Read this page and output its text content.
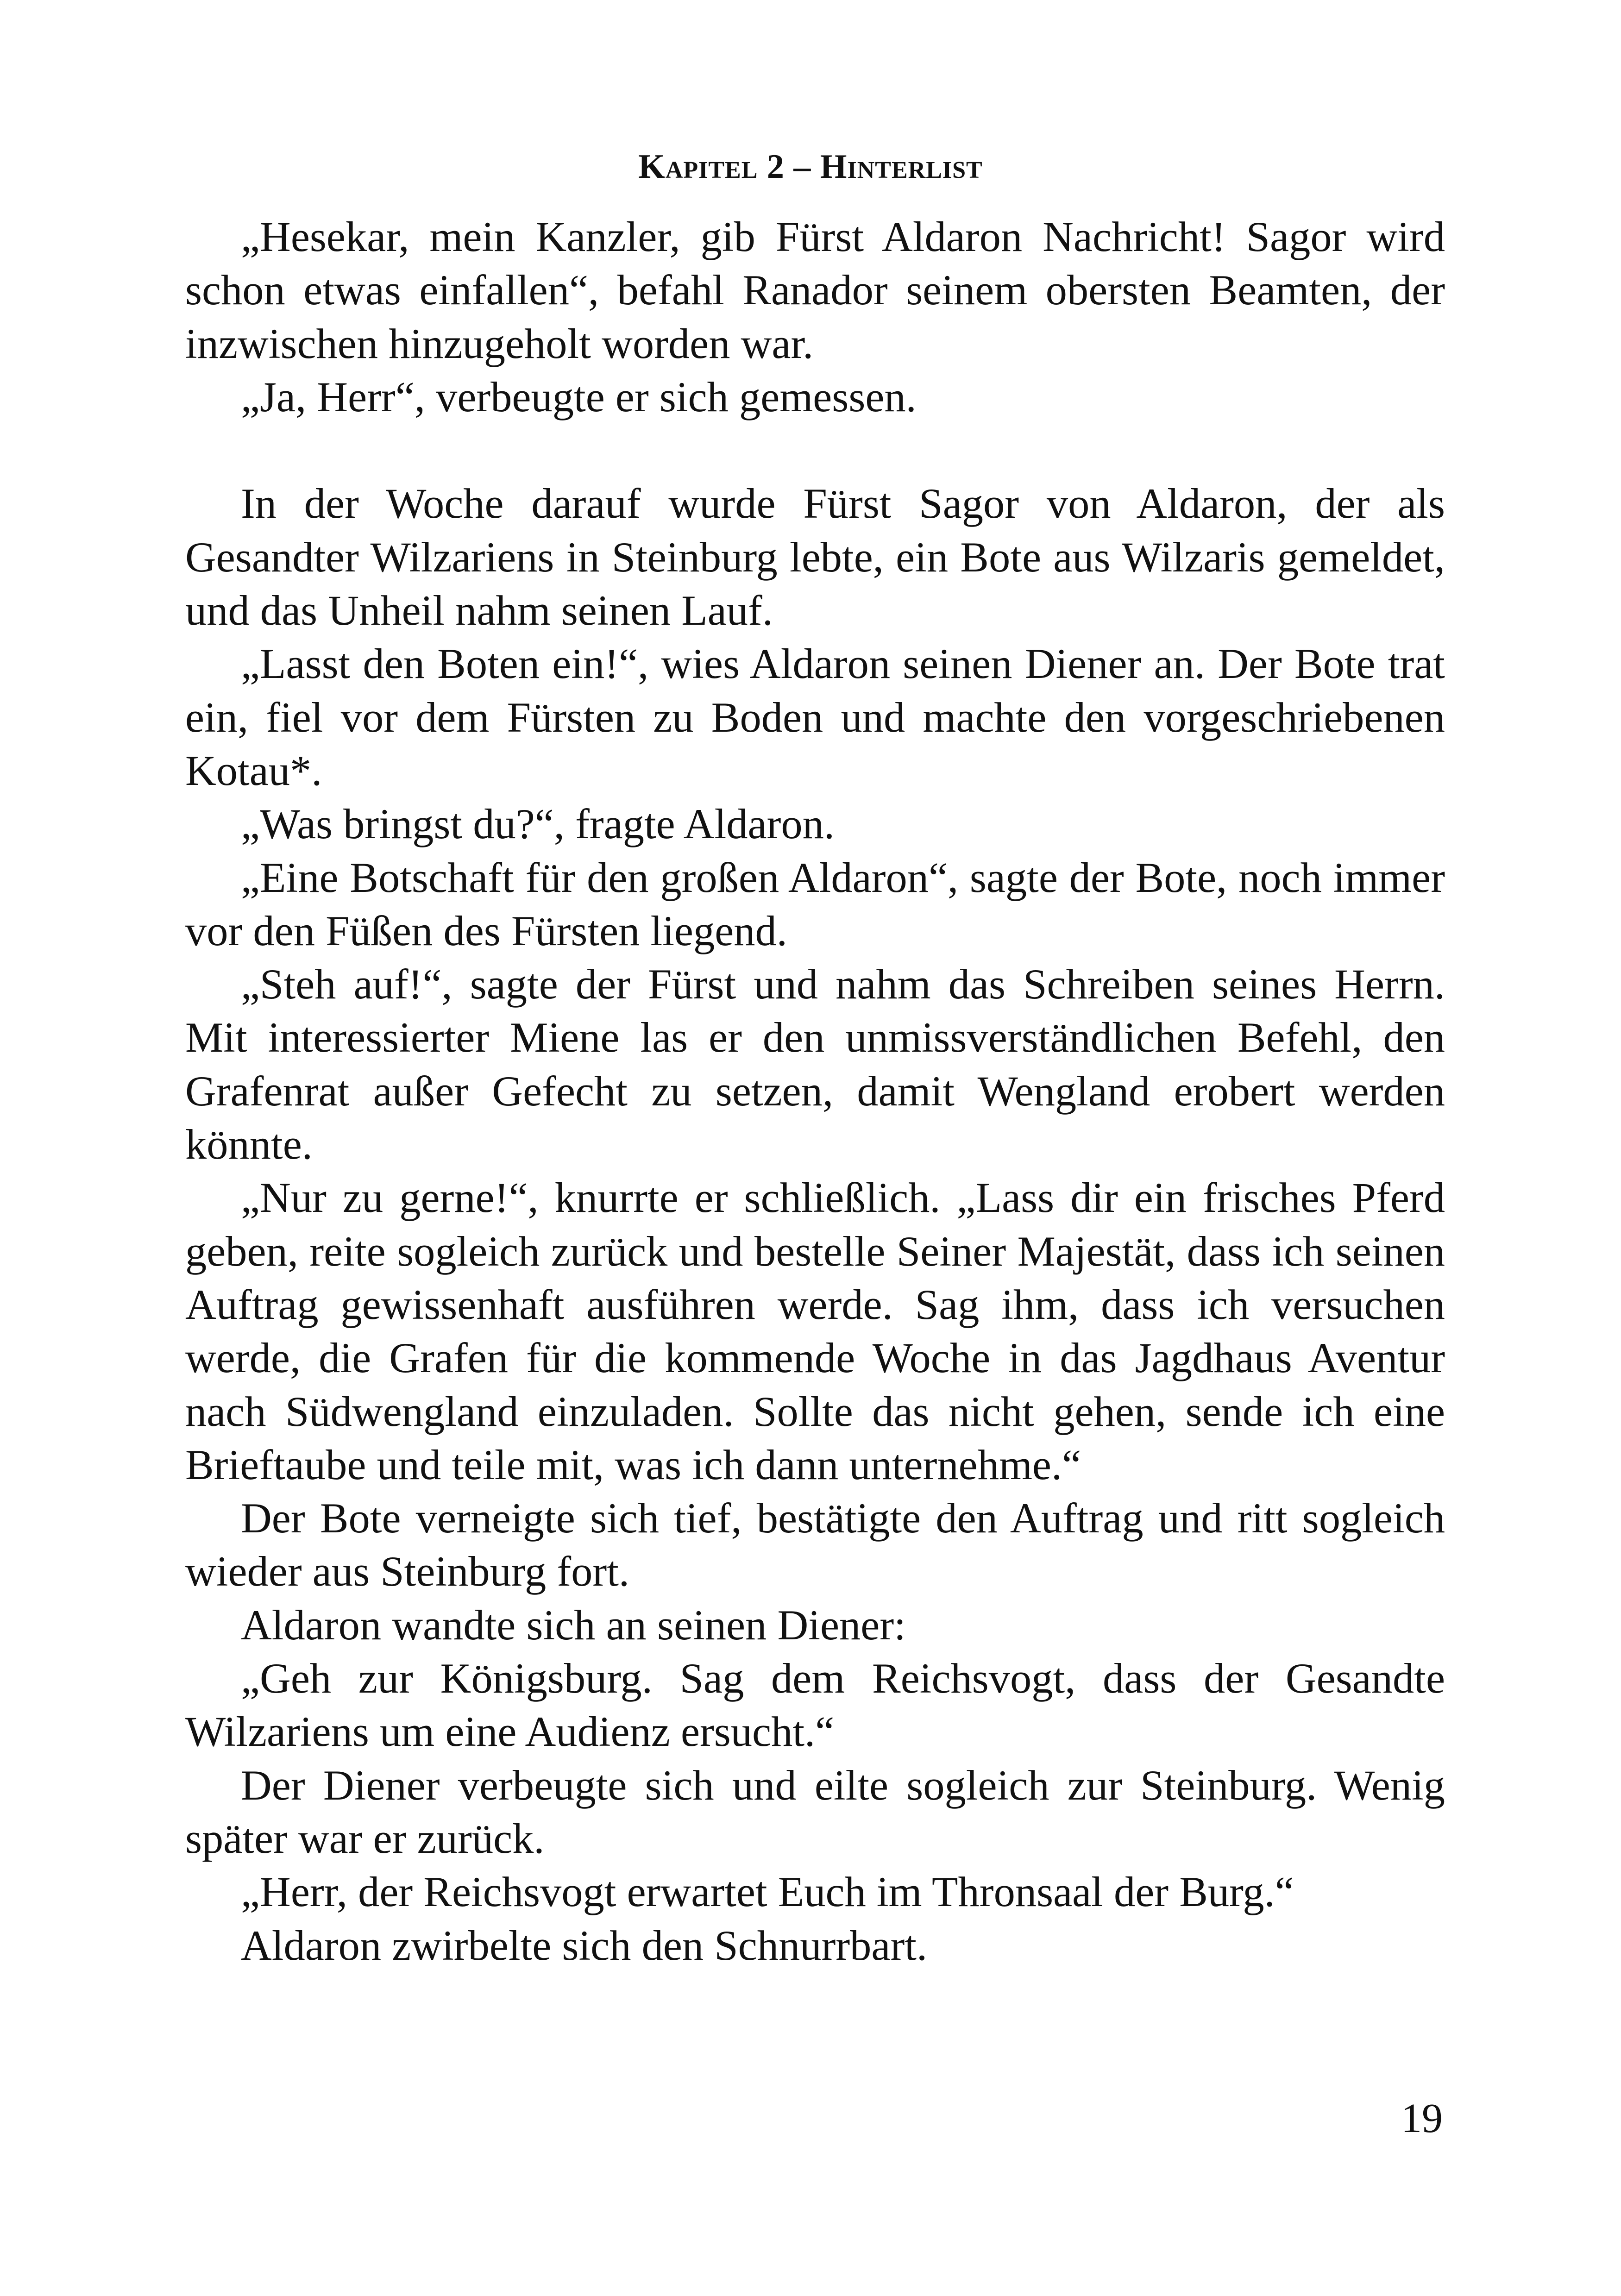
Kapitel 2 – Hinterlist

„Hesekar, mein Kanzler, gib Fürst Aldaron Nachricht! Sagor wird schon etwas einfallen“, befahl Ranador seinem obersten Beamten, der inzwischen hinzugeholt worden war.

„Ja, Herr“, verbeugte er sich gemessen.

In der Woche darauf wurde Fürst Sagor von Aldaron, der als Gesandter Wilzariens in Steinburg lebte, ein Bote aus Wilzaris gemeldet, und das Unheil nahm seinen Lauf.

„Lasst den Boten ein!“, wies Aldaron seinen Diener an. Der Bote trat ein, fiel vor dem Fürsten zu Boden und machte den vorgeschriebenen Kotau*.

„Was bringst du?“, fragte Aldaron.

„Eine Botschaft für den großen Aldaron“, sagte der Bote, noch immer vor den Füßen des Fürsten liegend.

„Steh auf!“, sagte der Fürst und nahm das Schreiben seines Herrn. Mit interessierter Miene las er den unmissverständlichen Befehl, den Grafenrat außer Gefecht zu setzen, damit Wengland erobert werden könnte.

„Nur zu gerne!“, knurrte er schließlich. „Lass dir ein frisches Pferd geben, reite sogleich zurück und bestelle Seiner Majestät, dass ich seinen Auftrag gewissenhaft ausführen werde. Sag ihm, dass ich versuchen werde, die Grafen für die kommende Woche in das Jagdhaus Aventur nach Südwengland einzuladen. Sollte das nicht gehen, sende ich eine Brieftaube und teile mit, was ich dann unternehme.“

Der Bote verneigte sich tief, bestätigte den Auftrag und ritt sogleich wieder aus Steinburg fort.

Aldaron wandte sich an seinen Diener:

„Geh zur Königsburg. Sag dem Reichsvogt, dass der Gesandte Wilzariens um eine Audienz ersucht.“

Der Diener verbeugte sich und eilte sogleich zur Steinburg. Wenig später war er zurück.

„Herr, der Reichsvogt erwartet Euch im Thronsaal der Burg.“

Aldaron zwirbelte sich den Schnurrbart.

19
